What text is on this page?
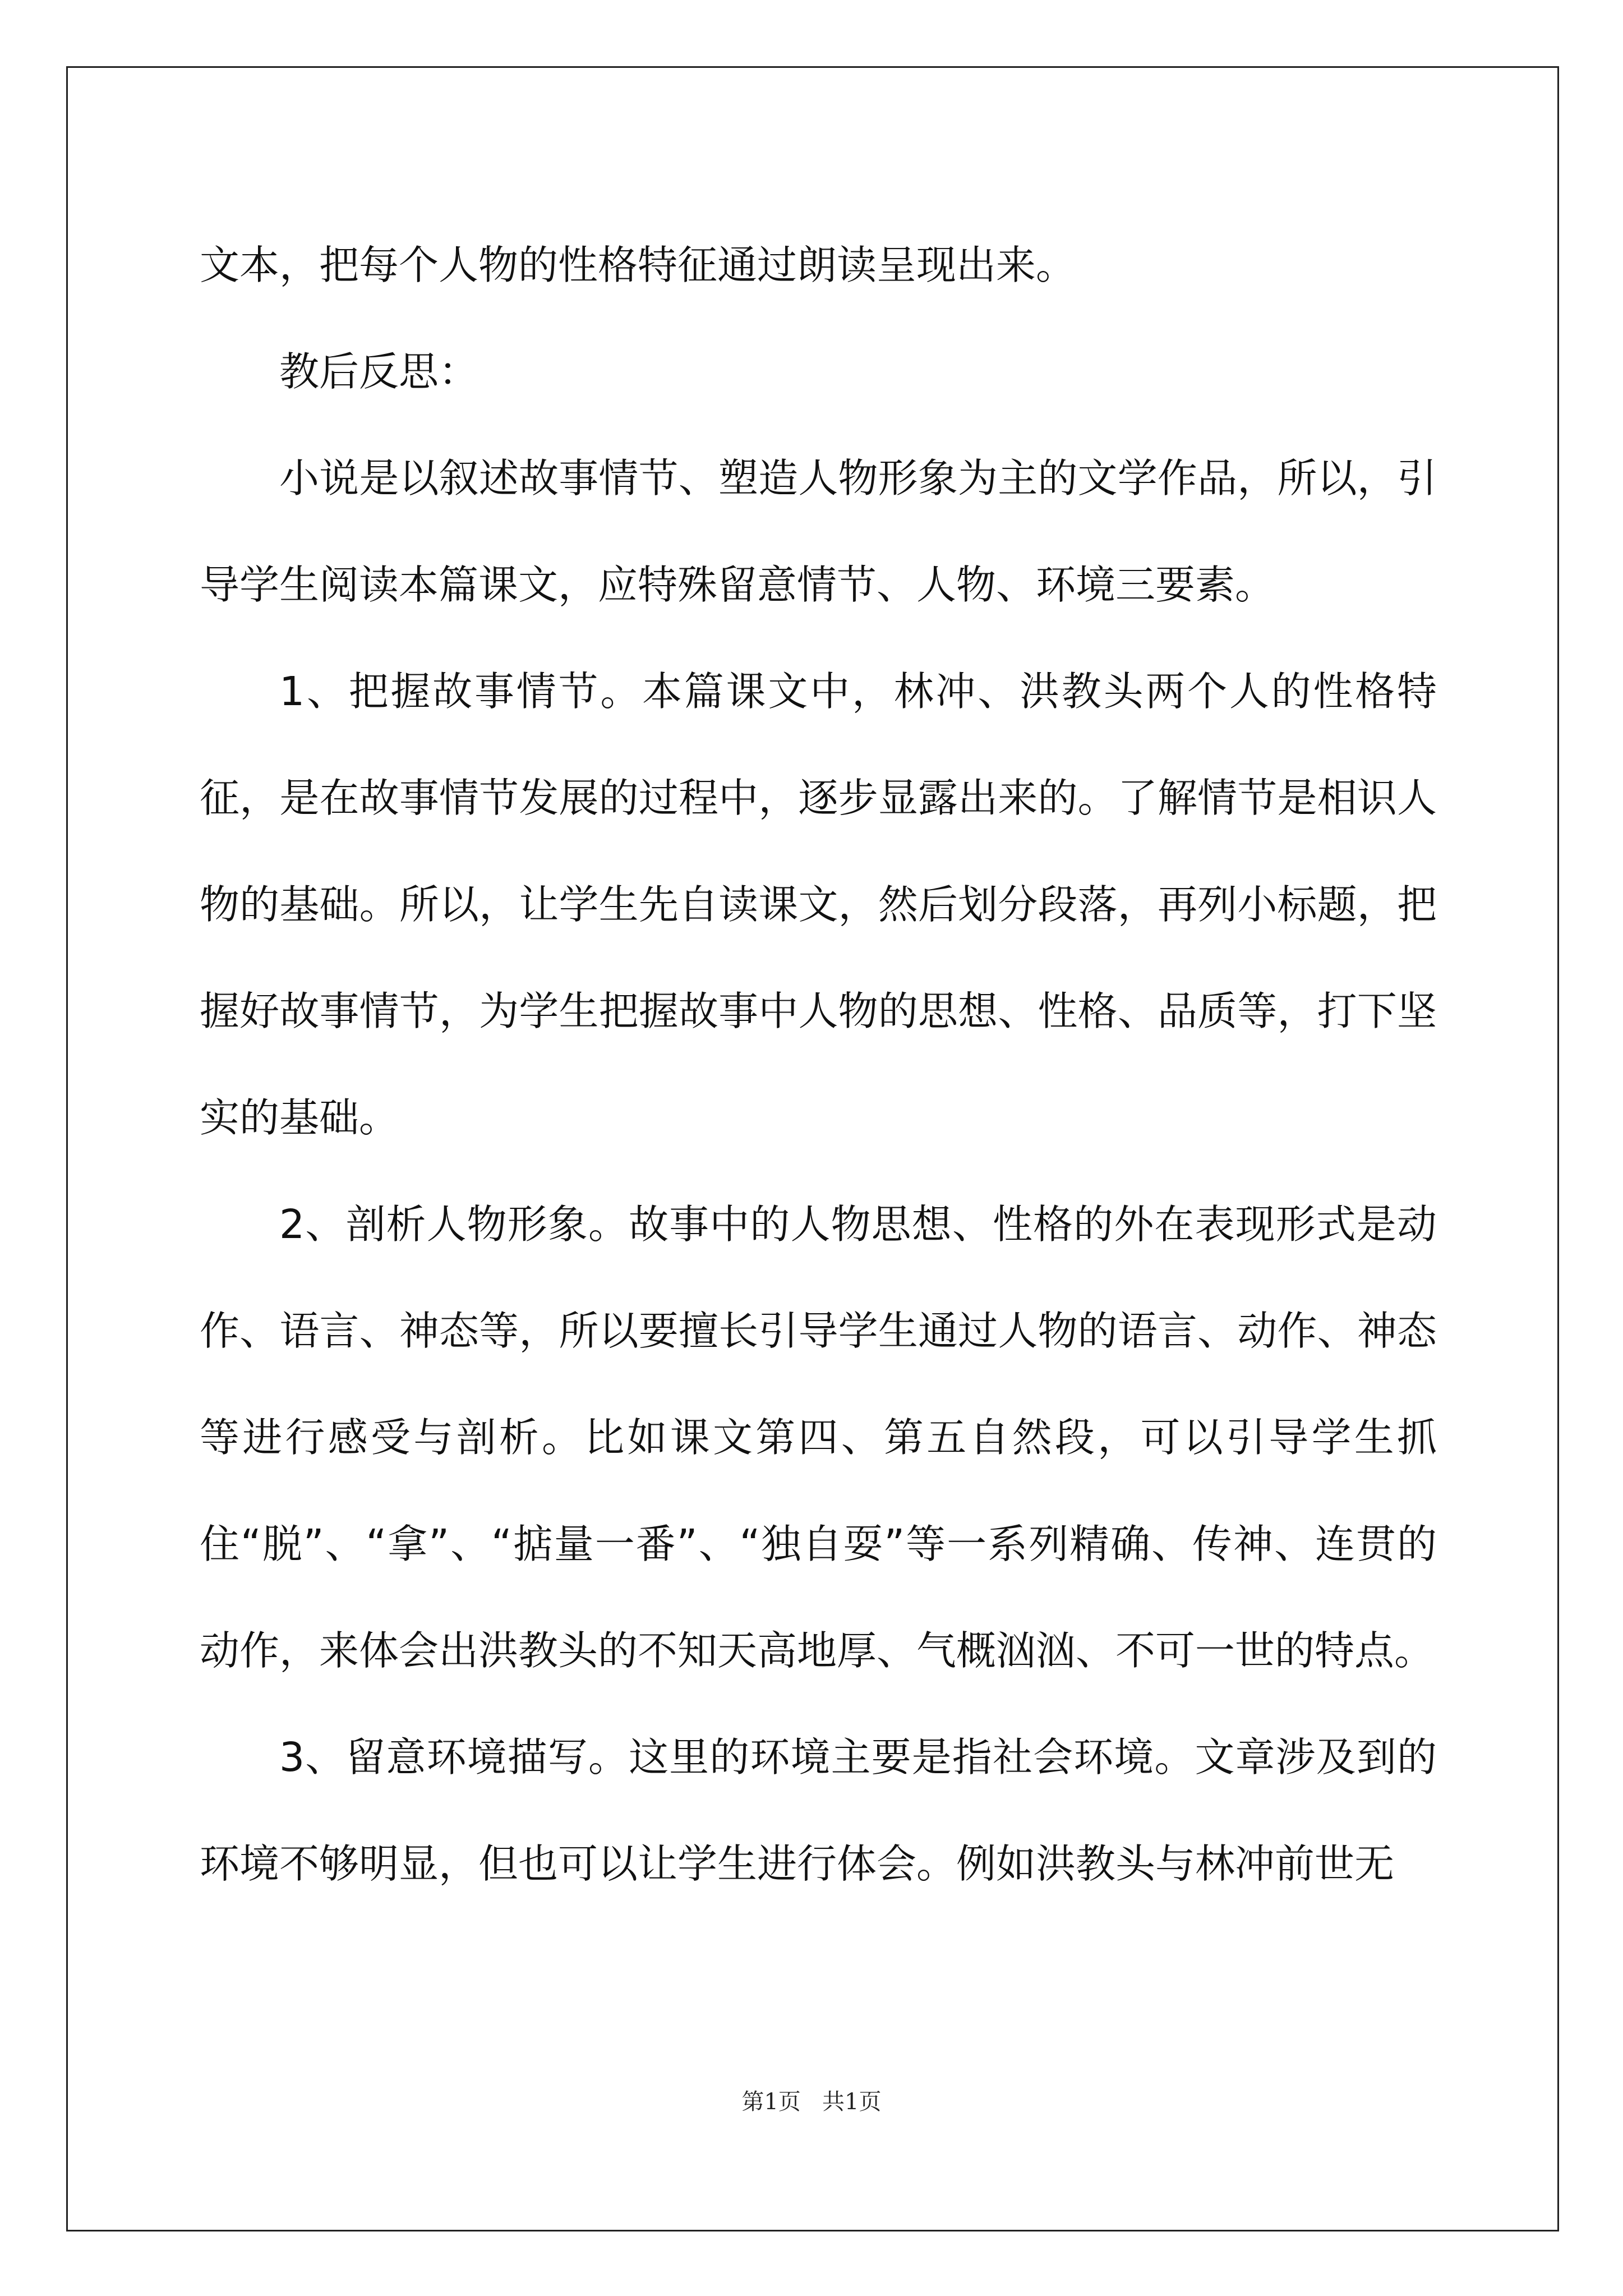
文本，把每个人物的性格特征通过朗读呈现出来。

教后反思：

小说是以叙述故事情节、塑造人物形象为主的文学作品，所以，引导学生阅读本篇课文，应特殊留意情节、人物、环境三要素。

1、把握故事情节。本篇课文中，林冲、洪教头两个人的性格特征，是在故事情节发展的过程中，逐步显露出来的。了解情节是相识人物的基础。所以，让学生先自读课文，然后划分段落，再列小标题，把握好故事情节，为学生把握故事中人物的思想、性格、品质等，打下坚实的基础。

2、剖析人物形象。故事中的人物思想、性格的外在表现形式是动作、语言、神态等，所以要擅长引导学生通过人物的语言、动作、神态等进行感受与剖析。比如课文第四、第五自然段，可以引导学生抓住“脱”、“拿”、“掂量一番”、“独自耍”等一系列精确、传神、连贯的动作，来体会出洪教头的不知天高地厚、气概汹汹、不可一世的特点。

3、留意环境描写。这里的环境主要是指社会环境。文章涉及到的环境不够明显，但也可以让学生进行体会。例如洪教头与林冲前世无

第1页   共1页
